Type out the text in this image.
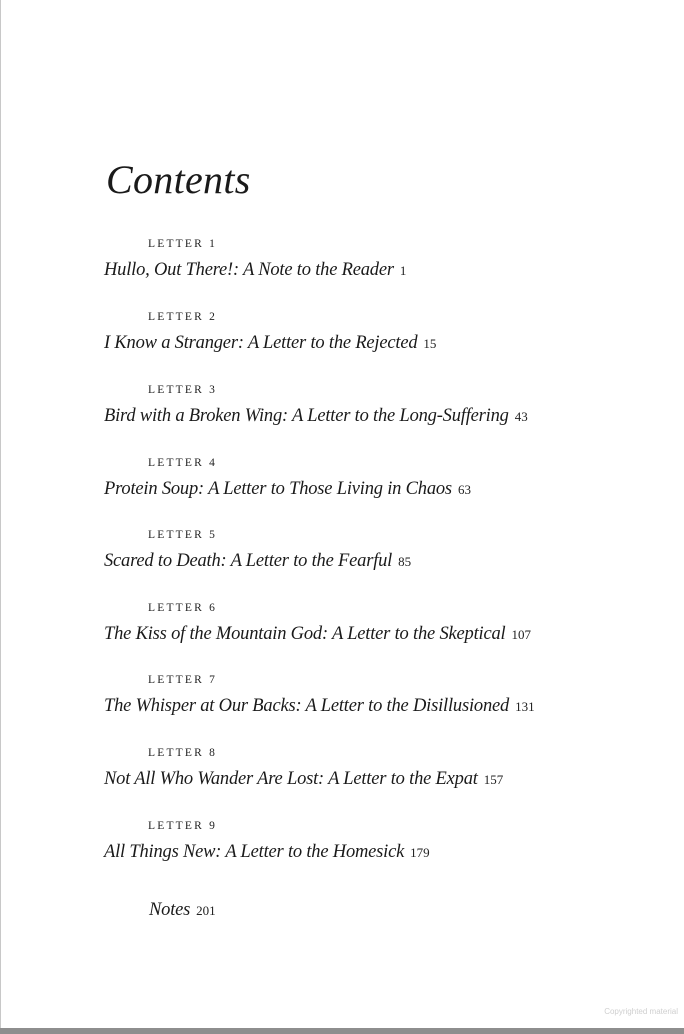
Contents
LETTER 1
Hullo, Out There!: A Note to the Reader 1
LETTER 2
I Know a Stranger: A Letter to the Rejected 15
LETTER 3
Bird with a Broken Wing: A Letter to the Long-Suffering 43
LETTER 4
Protein Soup: A Letter to Those Living in Chaos 63
LETTER 5
Scared to Death: A Letter to the Fearful 85
LETTER 6
The Kiss of the Mountain God: A Letter to the Skeptical 107
LETTER 7
The Whisper at Our Backs: A Letter to the Disillusioned 131
LETTER 8
Not All Who Wander Are Lost: A Letter to the Expat 157
LETTER 9
All Things New: A Letter to the Homesick 179
Notes 201
Copyrighted material
